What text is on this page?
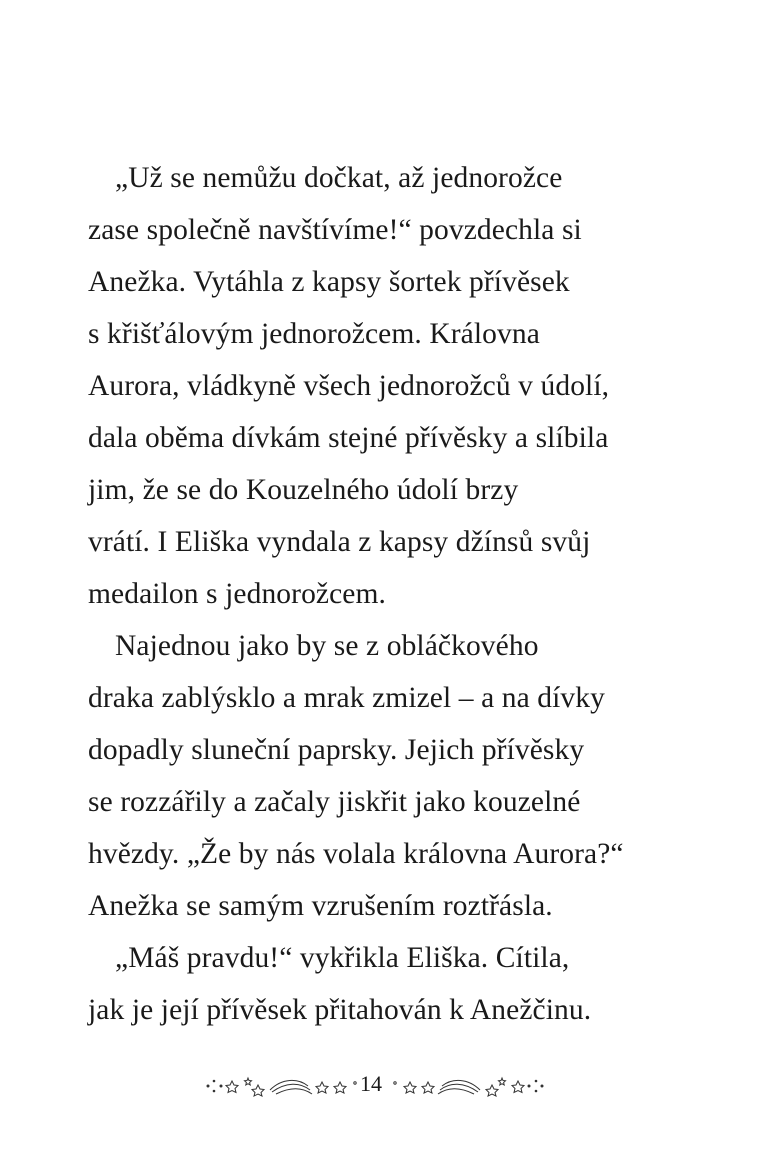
„Už se nemůžu dočkat, až jednorožce
zase společně navštívíme!“ povzdechla si
Anežka. Vytáhla z kapsy šortek přívěsek
s křišťálovým jednorožcem. Královna
Aurora, vládkyně všech jednorožců v údolí,
dala oběma dívkám stejné přívěsky a slíbila
jim, že se do Kouzelného údolí brzy
vrátí. I Eliška vyndala z kapsy džínsů svůj
medailon s jednorožcem.
Najednou jako by se z obláčkového
draka zablýsklo a mrak zmizel – a na dívky
dopadly sluneční paprsky. Jejich přívěsky
se rozzářily a začaly jiskřit jako kouzelné
hvězdy. „Že by nás volala královna Aurora?“
Anežka se samým vzrušením roztřásla.
„Máš pravdu!“ vykřikla Eliška. Cítila,
jak je její přívěsek přitahován k Anežčinu.
14
